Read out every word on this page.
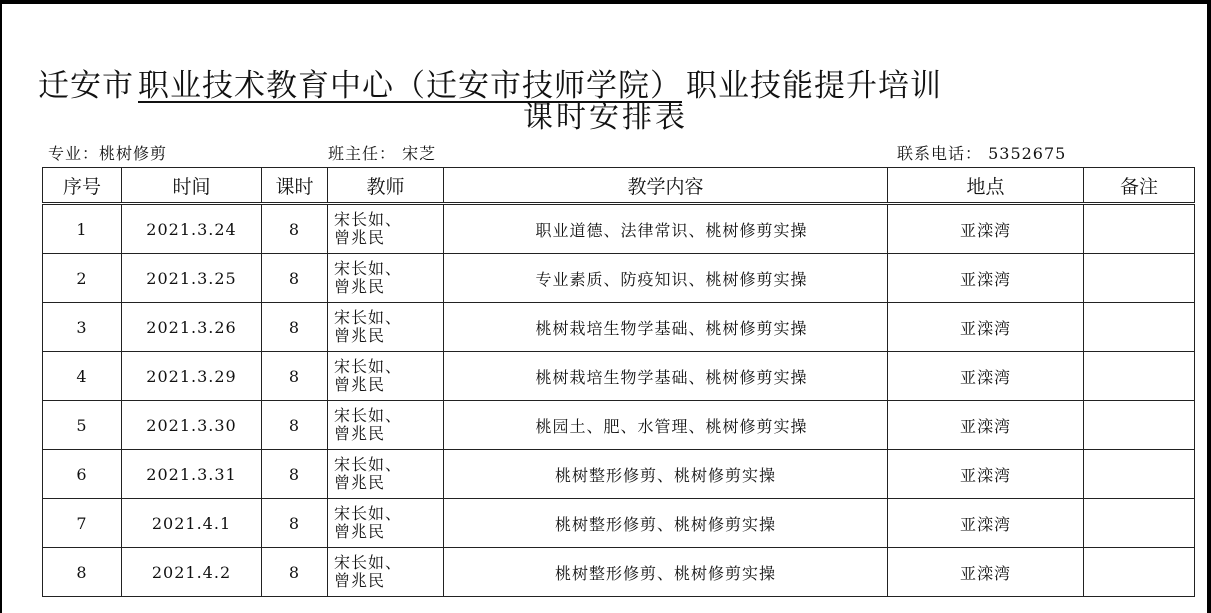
迁安市 职业技术教育中心（迁安市技师学院） 职业技能提升培训
课时安排表
专业：桃树修剪	班主任： 宋芝	联系电话： 5352675
序号	时间	课时	教师	教学内容	地点	备注
1	2021.3.24	8	宋长如、
曾兆民	职业道德、法律常识、桃树修剪实操	亚滦湾	
2	2021.3.25	8	宋长如、
曾兆民	专业素质、防疫知识、桃树修剪实操	亚滦湾	
3	2021.3.26	8	宋长如、
曾兆民	桃树栽培生物学基础、桃树修剪实操	亚滦湾	
4	2021.3.29	8	宋长如、
曾兆民	桃树栽培生物学基础、桃树修剪实操	亚滦湾	
5	2021.3.30	8	宋长如、
曾兆民	桃园土、肥、水管理、桃树修剪实操	亚滦湾	
6	2021.3.31	8	宋长如、
曾兆民	桃树整形修剪、桃树修剪实操	亚滦湾	
7	2021.4.1	8	宋长如、
曾兆民	桃树整形修剪、桃树修剪实操	亚滦湾	
8	2021.4.2	8	宋长如、
曾兆民	桃树整形修剪、桃树修剪实操	亚滦湾	
